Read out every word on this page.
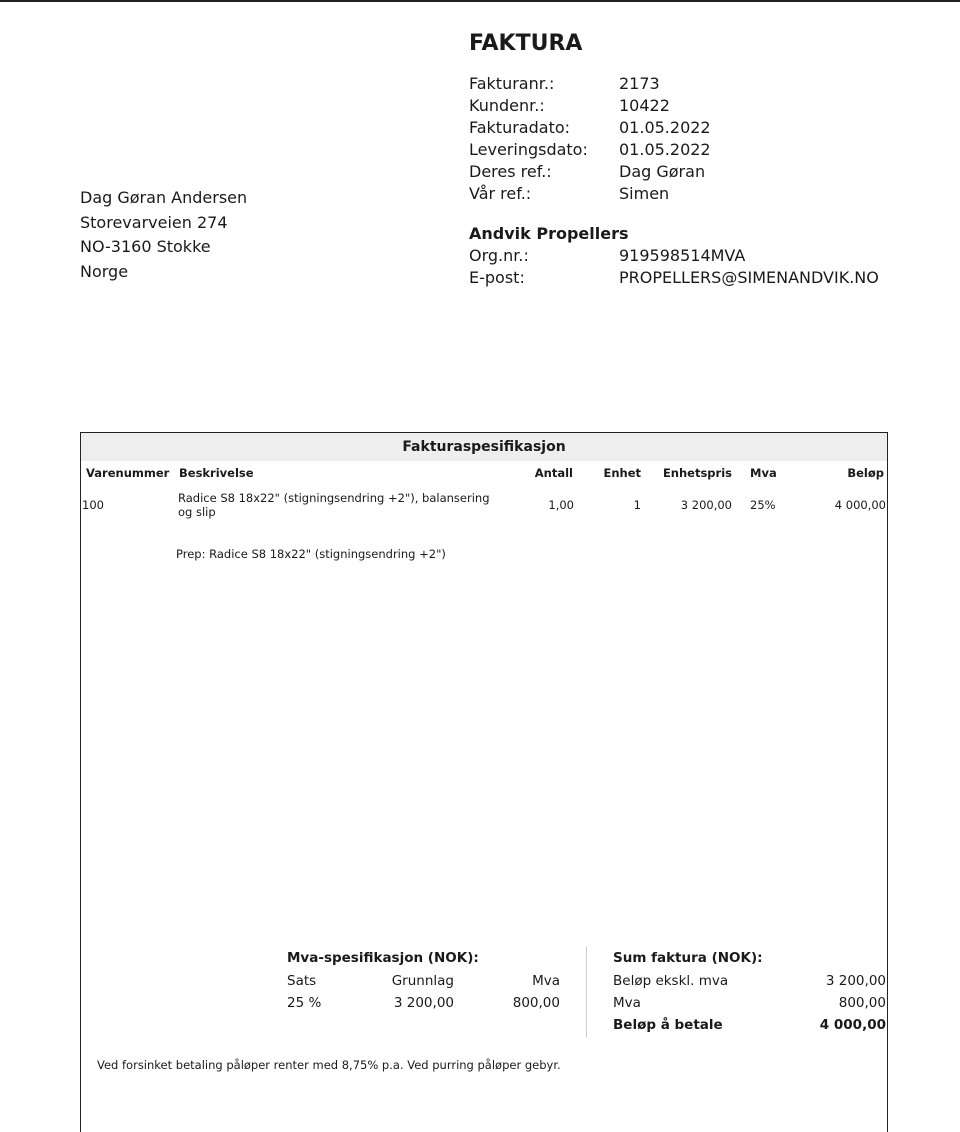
FAKTURA
Fakturanr.:	2173
Kundenr.:	10422
Fakturadato:	01.05.2022
Leveringsdato:	01.05.2022
Deres ref.:	Dag Gøran
Vår ref.:	Simen
Andvik Propellers
Org.nr.:	919598514MVA
E-post:	PROPELLERS@SIMENANDVIK.NO
Dag Gøran Andersen
Storevarveien 274
NO-3160 Stokke
Norge
Fakturaspesifikasjon
Varenummer Beskrivelse	Antall	Enhet	Enhetspris Mva	Beløp
100	Radice S8 18x22" (stigningsendring +2"), balansering og slip	1,00	1	3 200,00 25%	4 000,00
Prep: Radice S8 18x22" (stigningsendring +2")
Mva-spesifikasjon (NOK):
Sats	Grunnlag	Mva
25 %	3 200,00	800,00
Sum faktura (NOK):
Beløp ekskl. mva	3 200,00
Mva	800,00
Beløp å betale	4 000,00
Ved forsinket betaling påløper renter med 8,75% p.a. Ved purring påløper gebyr.
